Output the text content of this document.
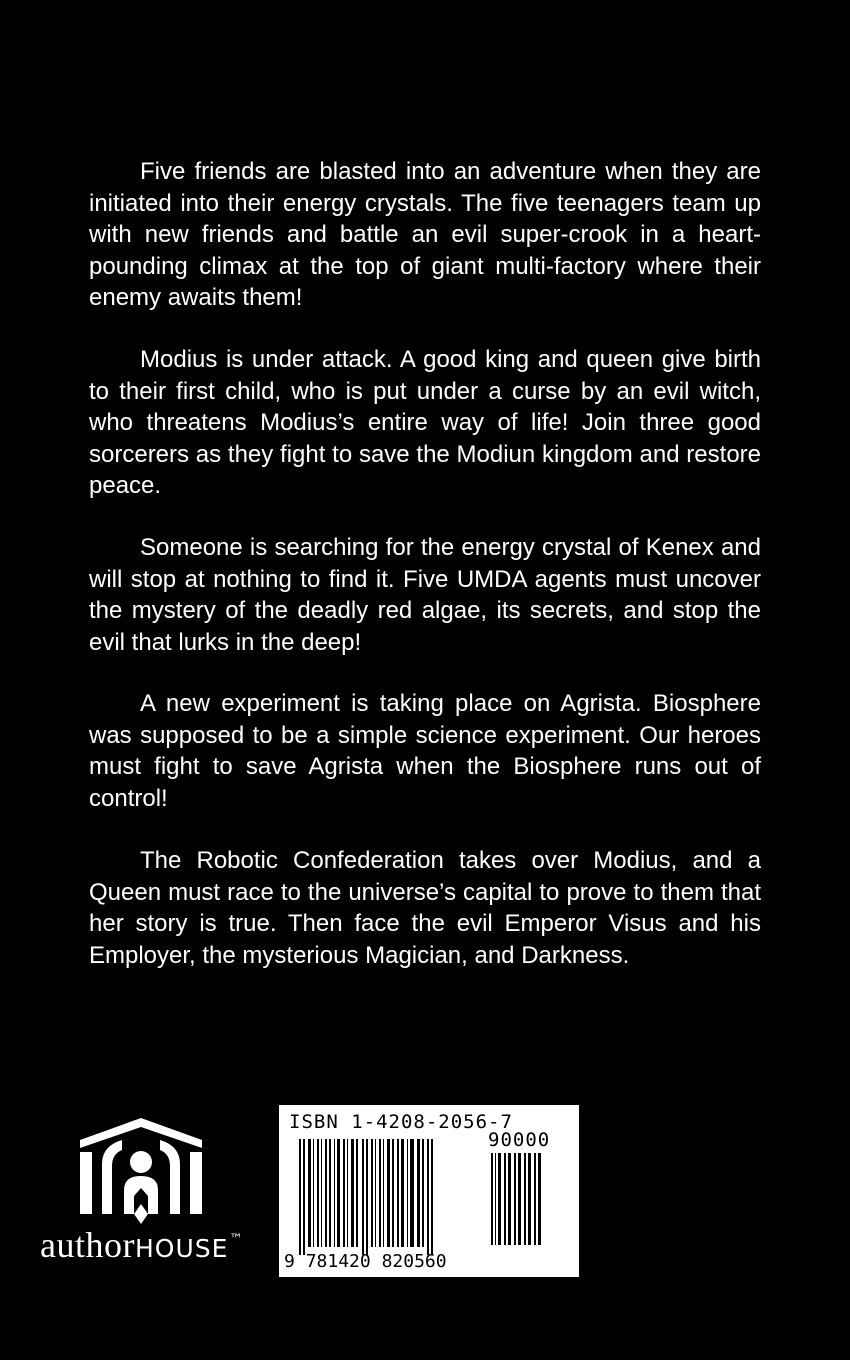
Five friends are blasted into an adventure when they are initiated into their energy crystals. The five teenagers team up with new friends and battle an evil super-crook in a heart-pounding climax at the top of giant multi-factory where their enemy awaits them!

Modius is under attack. A good king and queen give birth to their first child, who is put under a curse by an evil witch, who threatens Modius’s entire way of life! Join three good sorcerers as they fight to save the Modiun kingdom and restore peace.

Someone is searching for the energy crystal of Kenex and will stop at nothing to find it. Five UMDA agents must uncover the mystery of the deadly red algae, its secrets, and stop the evil that lurks in the deep!

A new experiment is taking place on Agrista. Biosphere was supposed to be a simple science experiment. Our heroes must fight to save Agrista when the Biosphere runs out of control!

The Robotic Confederation takes over Modius, and a Queen must race to the universe’s capital to prove to them that her story is true. Then face the evil Emperor Visus and his Employer, the mysterious Magician, and Darkness.

authorHOUSE™
ISBN 1-4208-2056-7
90000
9 781420 820560
